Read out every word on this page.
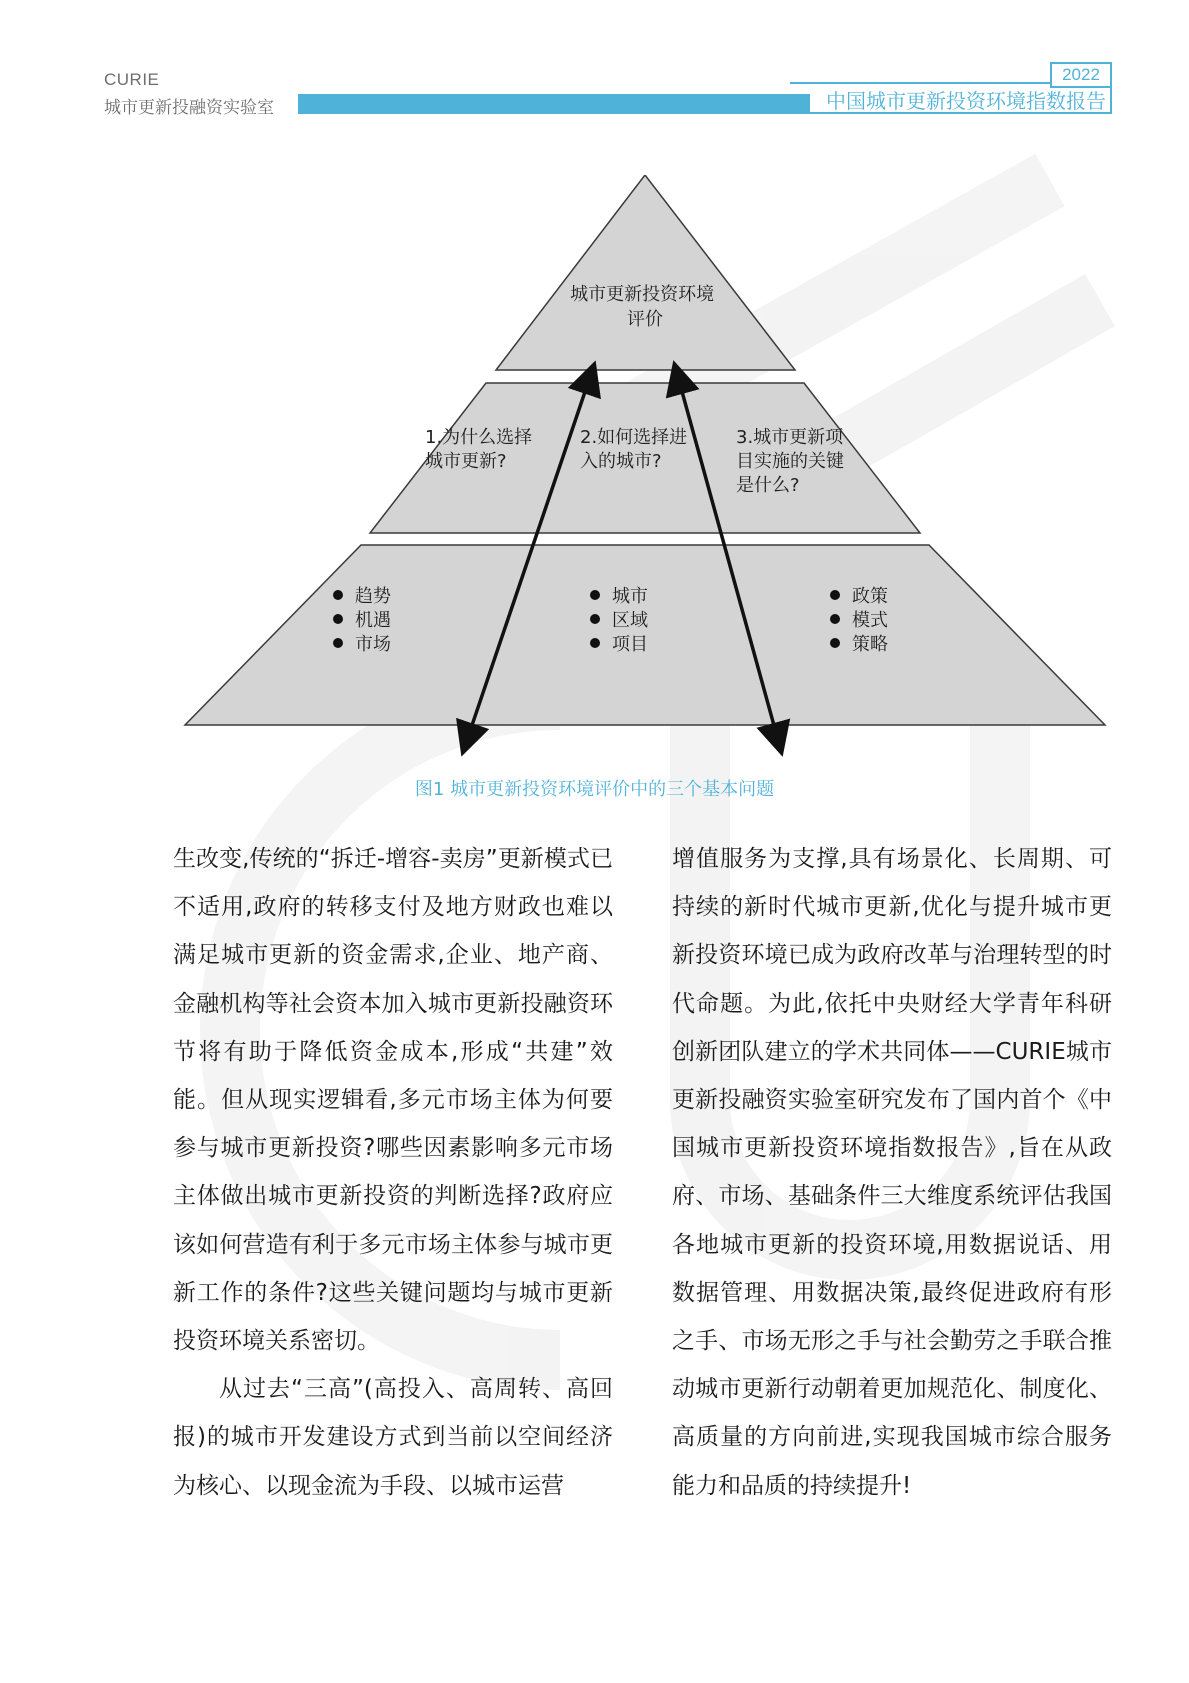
CURIE
城市更新投融资实验室
2022
中国城市更新投资环境指数报告
城市更新投资环境 评价
1.为什么选择 城市更新?
2.如何选择进 入的城市?
3.城市更新项 目实施的关键 是什么?
趋势
机遇
市场
城市
区域
项目
政策
模式
策略
图1 城市更新投资环境评价中的三个基本问题

生改变,传统的“拆迁-增容-卖房”更新模式已不适用,政府的转移支付及地方财政也难以满足城市更新的资金需求,企业、地产商、金融机构等社会资本加入城市更新投融资环节将有助于降低资金成本,形成“共建”效能。但从现实逻辑看,多元市场主体为何要参与城市更新投资?哪些因素影响多元市场主体做出城市更新投资的判断选择?政府应该如何营造有利于多元市场主体参与城市更新工作的条件?这些关键问题均与城市更新投资环境关系密切。

从过去“三高”(高投入、高周转、高回报)的城市开发建设方式到当前以空间经济为核心、以现金流为手段、以城市运营

增值服务为支撑,具有场景化、长周期、可持续的新时代城市更新,优化与提升城市更新投资环境已成为政府改革与治理转型的时代命题。为此,依托中央财经大学青年科研创新团队建立的学术共同体——CURIE城市更新投融资实验室研究发布了国内首个《中国城市更新投资环境指数报告》,旨在从政府、市场、基础条件三大维度系统评估我国各地城市更新的投资环境,用数据说话、用数据管理、用数据决策,最终促进政府有形之手、市场无形之手与社会勤劳之手联合推动城市更新行动朝着更加规范化、制度化、高质量的方向前进,实现我国城市综合服务能力和品质的持续提升!
